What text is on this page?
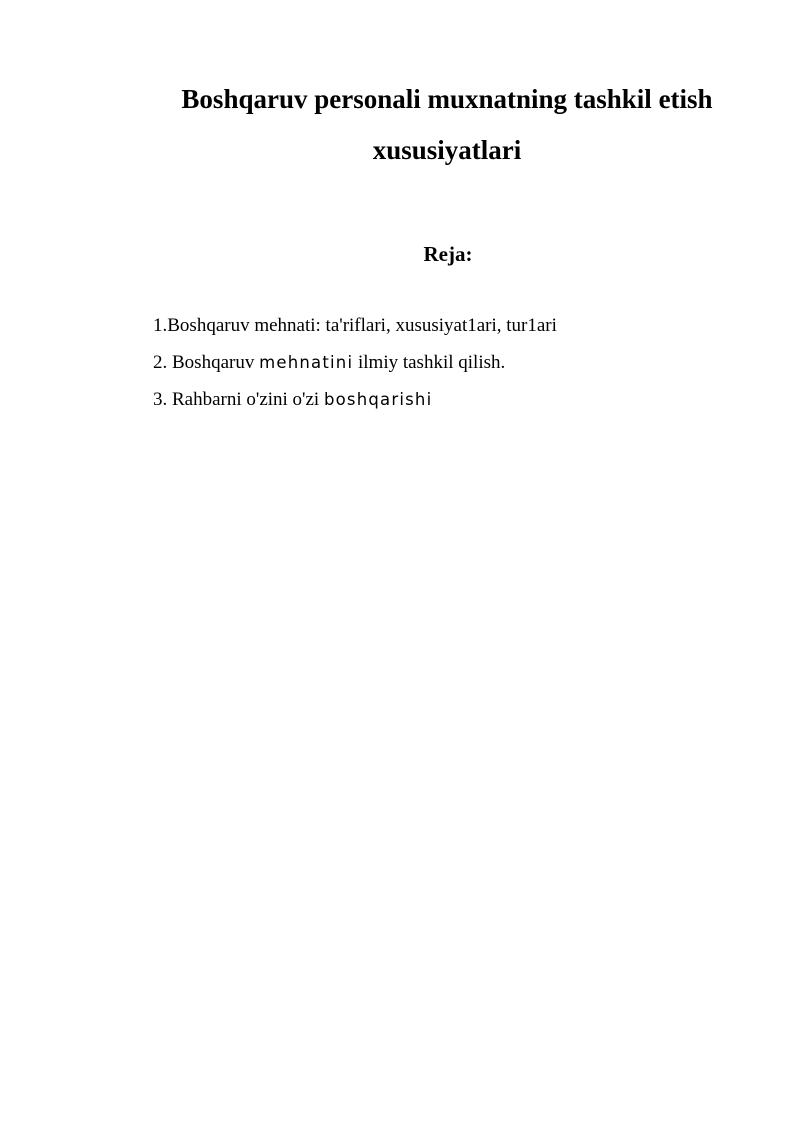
Boshqaruv personali muxnatning tashkil etish xususiyatlari
Reja:
1.Boshqaruv mehnati: ta'riflari, xususiyat1ari, tur1ari
2. Boshqaruv mehnatini ilmiy tashkil qilish.
3. Rahbarni o'zini o'zi boshqarishi
